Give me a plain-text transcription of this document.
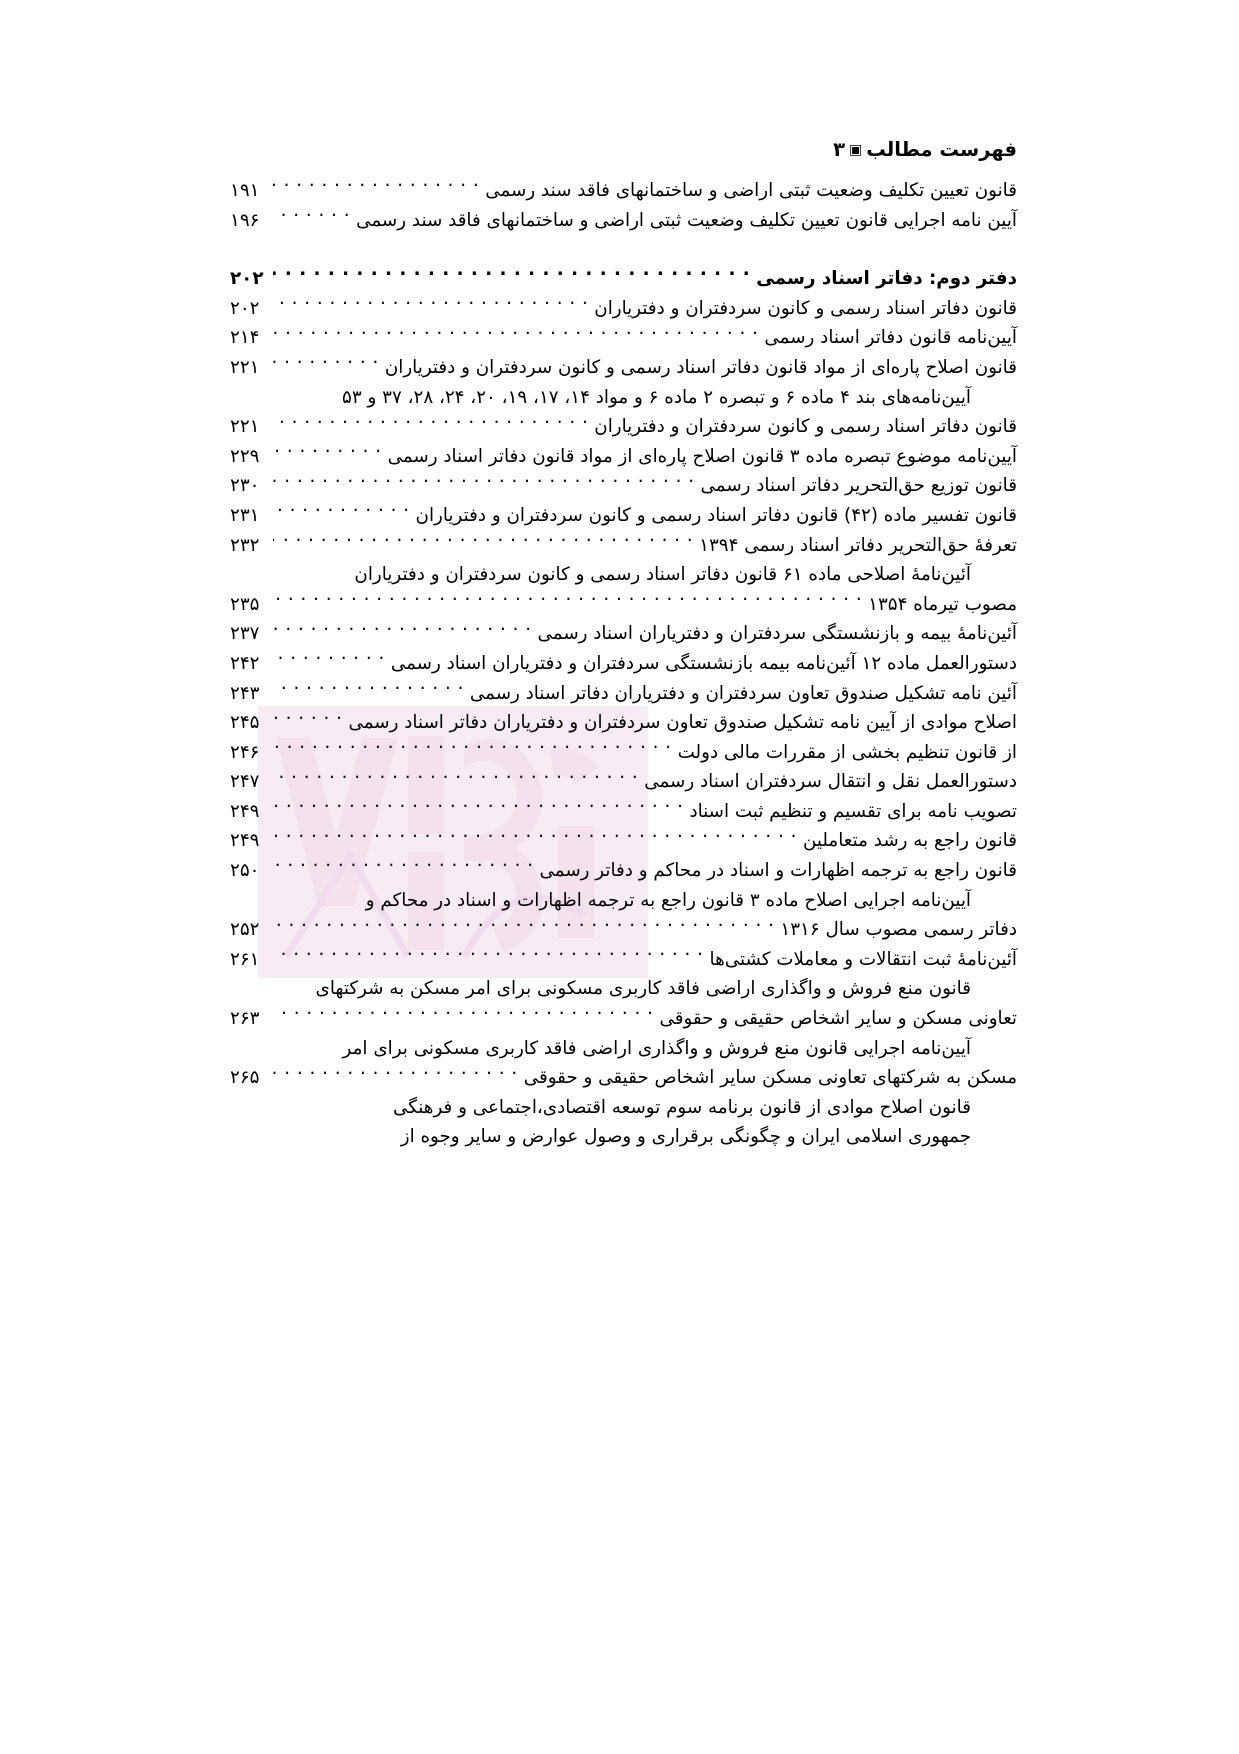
فهرست مطالب▣۳
قانون تعیین تکلیف وضعیت ثبتی اراضی و ساختمانهای فاقد سند رسمی
. . .
۱۹۱
آیین نامه اجرایی قانون تعیین تکلیف وضعیت ثبتی اراضی و ساختمانهای فاقد سند رسمی
. . .
۱۹۶
دفتر دوم: دفاتر اسناد رسمی
. . .
۲۰۲
قانون دفاتر اسناد رسمی و کانون سردفتران و دفتریاران
. . .
۲۰۲
آیین‌نامه قانون دفاتر اسناد رسمی
. . .
۲۱۴
قانون اصلاح پاره‌ای از مواد قانون دفاتر اسناد رسمی و کانون سردفتران و دفتریاران
. . .
۲۲۱
آیین‌نامه‌های بند ۴ ماده ۶ و تبصره ۲ ماده ۶ و مواد ۱۴، ۱۷، ۱۹، ۲۰، ۲۴، ۲۸، ۳۷ و ۵۳
قانون دفاتر اسناد رسمی و کانون سردفتران و دفتریاران
. . .
۲۲۱
آیین‌نامه موضوع تبصره ماده ۳ قانون اصلاح پاره‌ای از مواد قانون دفاتر اسناد رسمی
. . .
۲۲۹
قانون توزیع حق‌التحریر دفاتر اسناد رسمی
. . .
۲۳۰
قانون تفسیر ماده (۴۲) قانون دفاتر اسناد رسمی و کانون سردفتران و دفتریاران
. . .
۲۳۱
تعرفهٔ حق‌التحریر دفاتر اسناد رسمی ۱۳۹۴
. . .
۲۳۲
آئین‌نامهٔ اصلاحی ماده ۶۱ قانون دفاتر اسناد رسمی و کانون سردفتران و دفتریاران
مصوب تیرماه ۱۳۵۴
. . .
۲۳۵
آئین‌نامهٔ بیمه و بازنشستگی سردفتران و دفتریاران اسناد رسمی
. . .
۲۳۷
دستورالعمل ماده ۱۲ آئین‌نامه بیمه بازنشستگی سردفتران و دفتریاران اسناد رسمی
. . .
۲۴۲
آئین نامه تشکیل صندوق تعاون سردفتران و دفتریاران دفاتر اسناد رسمی
. . .
۲۴۳
اصلاح موادی از آیین نامه تشکیل صندوق تعاون سردفتران و دفتریاران دفاتر اسناد رسمی
. . .
۲۴۵
از قانون تنظیم بخشی از مقررات مالی دولت
. . .
۲۴۶
دستورالعمل نقل و انتقال سردفتران اسناد رسمی
. . .
۲۴۷
تصویب نامه برای تقسیم و تنظیم ثبت اسناد
. . .
۲۴۹
قانون راجع به رشد متعاملین
. . .
۲۴۹
قانون راجع به ترجمه اظهارات و اسناد در محاکم و دفاتر رسمی
. . .
۲۵۰
آیین‌نامه اجرایی اصلاح ماده ۳ قانون راجع به ترجمه اظهارات و اسناد در محاکم و
دفاتر رسمی مصوب سال ۱۳۱۶
. . .
۲۵۲
آئین‌نامهٔ ثبت انتقالات و معاملات کشتی‌ها
. . .
۲۶۱
قانون منع فروش و واگذاری اراضی فاقد کاربری مسکونی برای امر مسکن به شرکتهای
تعاونی مسکن و سایر اشخاص حقیقی و حقوقی
. . .
۲۶۳
آیین‌نامه اجرایی قانون منع فروش و واگذاری اراضی فاقد کاربری مسکونی برای امر
مسکن به شرکتهای تعاونی مسکن سایر اشخاص حقیقی و حقوقی
. . .
۲۶۵
قانون اصلاح موادی از قانون برنامه سوم توسعه اقتصادی،اجتماعی و فرهنگی
جمهوری اسلامی ایران و چگونگی برقراری و وصول عوارض و سایر وجوه از
